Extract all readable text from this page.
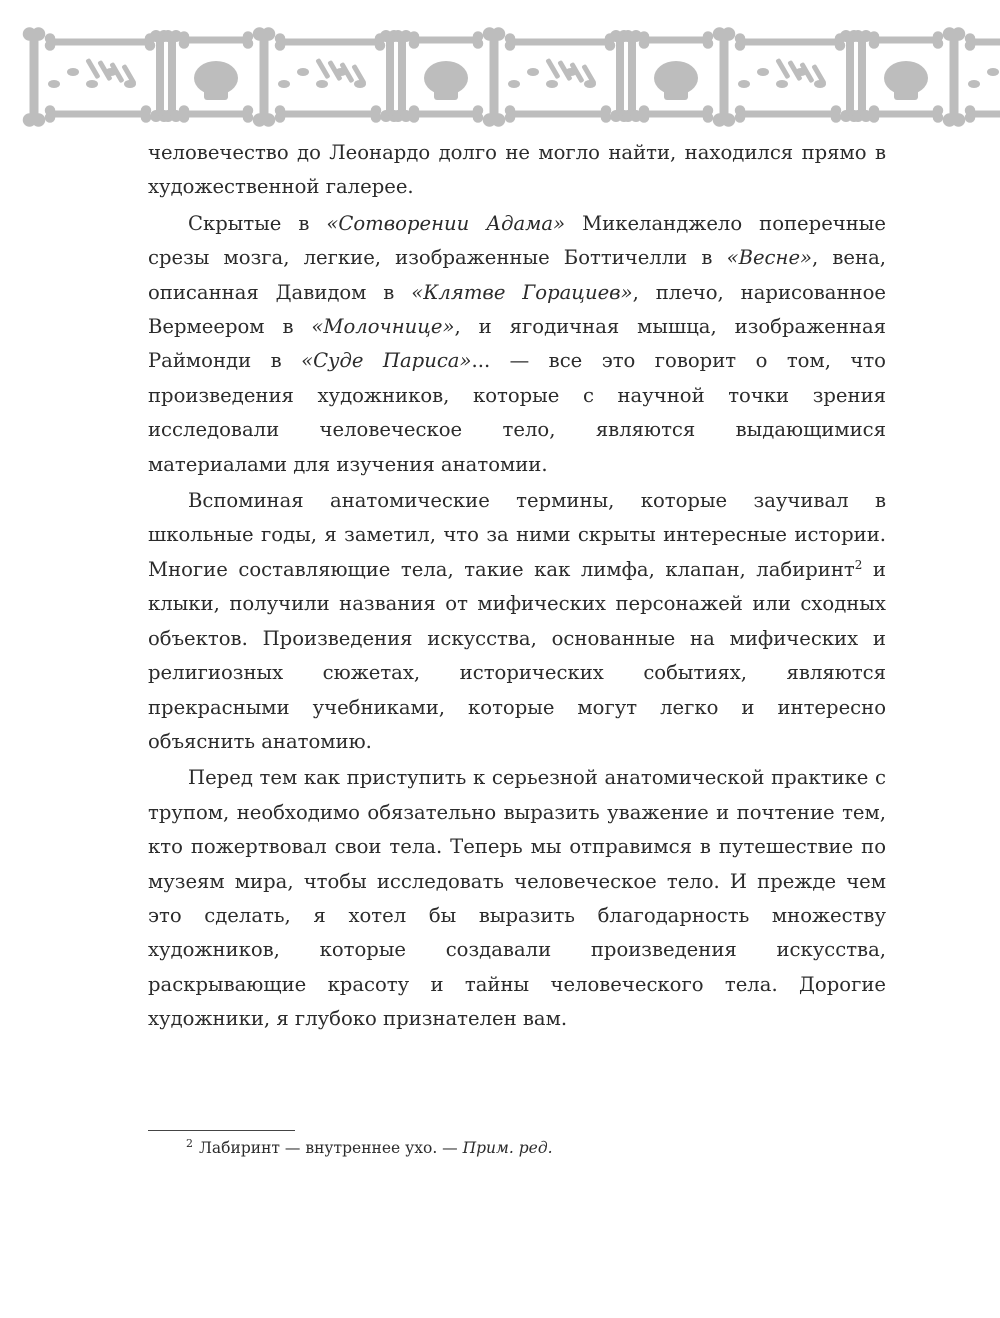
человечество до Леонардо долго не могло найти, находился прямо в художественной галерее.

Скрытые в «Сотворении Адама» Микеланджело поперечные срезы мозга, легкие, изображенные Боттичелли в «Весне», вена, описанная Давидом в «Клятве Горациев», плечо, нарисованное Вермеером в «Молочнице», и ягодичная мышца, изображенная Раймонди в «Суде Париса»... — все это говорит о том, что произведения художников, которые с научной точки зрения исследовали человеческое тело, являются выдающимися материалами для изучения анатомии.

Вспоминая анатомические термины, которые заучивал в школьные годы, я заметил, что за ними скрыты интересные истории. Многие составляющие тела, такие как лимфа, клапан, лабиринт$^2$ и клыки, получили названия от мифических персонажей или сходных объектов. Произведения искусства, основанные на мифических и религиозных сюжетах, исторических событиях, являются прекрасными учебниками, которые могут легко и интересно объяснить анатомию.

Перед тем как приступить к серьезной анатомической практике с трупом, необходимо обязательно выразить уважение и почтение тем, кто пожертвовал свои тела. Теперь мы отправимся в путешествие по музеям мира, чтобы исследовать человеческое тело. И прежде чем это сделать, я хотел бы выразить благодарность множеству художников, которые создавали произведения искусства, раскрывающие красоту и тайны человеческого тела. Дорогие художники, я глубоко признателен вам.

$^2$ Лабиринт — внутреннее ухо. — Прим. ред.
